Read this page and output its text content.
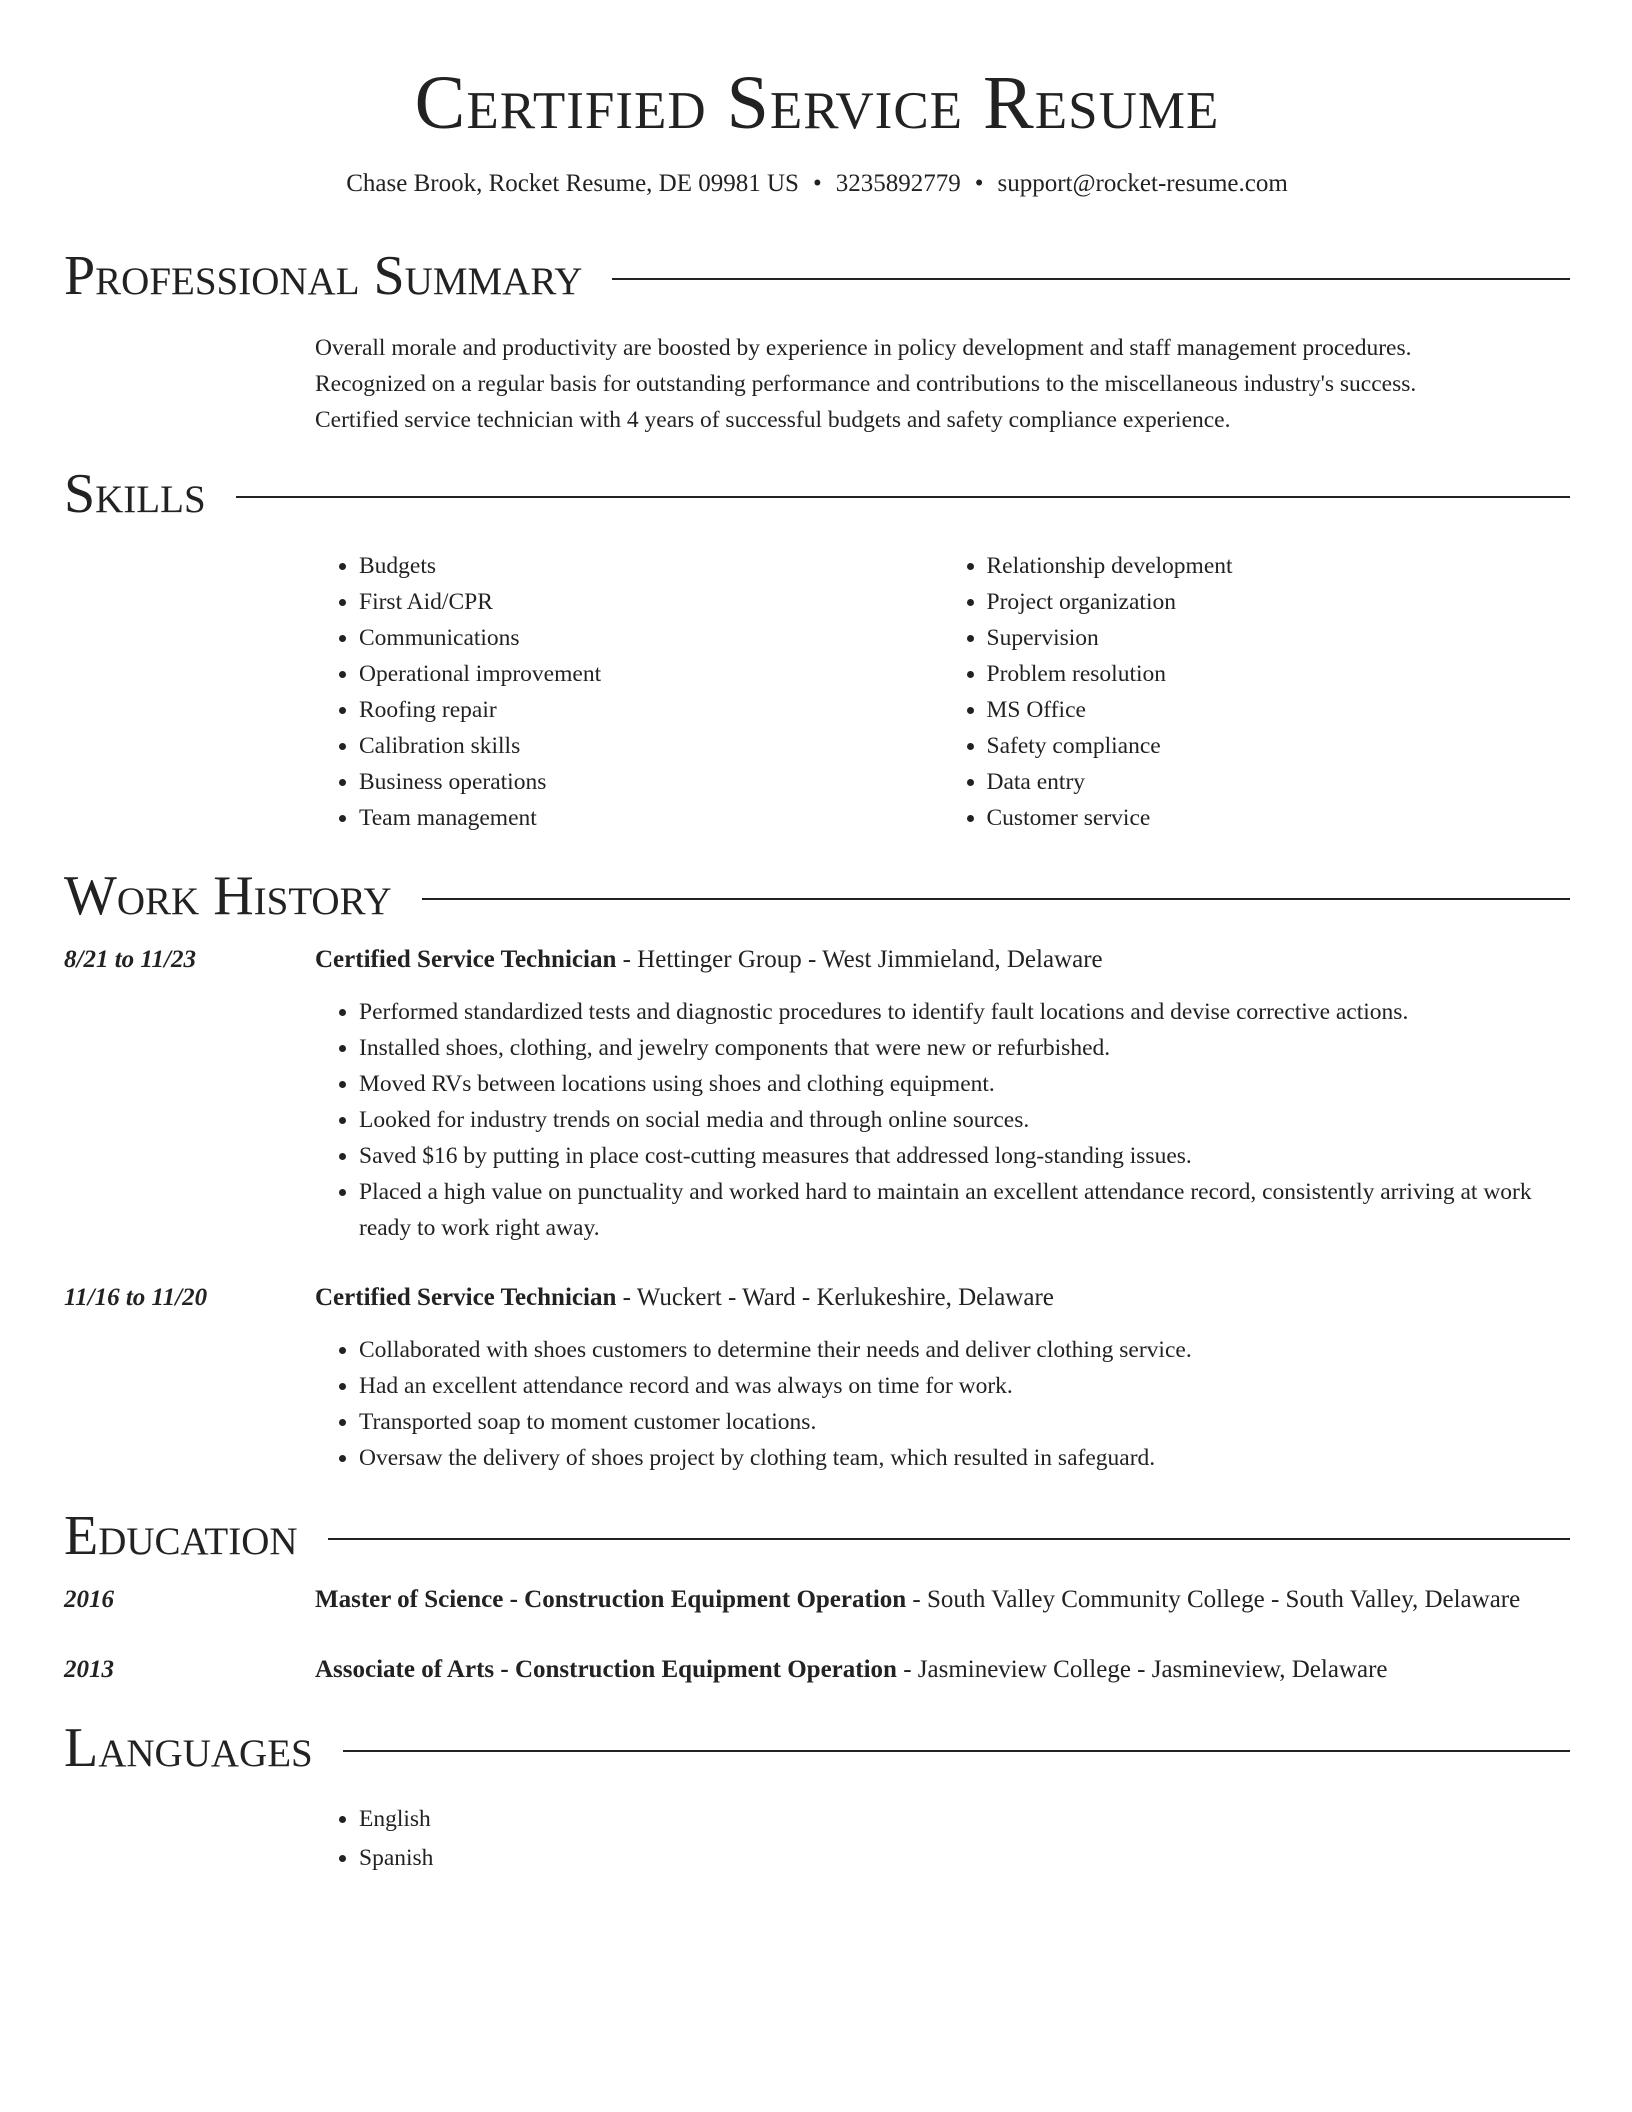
Certified Service Resume
Chase Brook, Rocket Resume, DE 09981 US • 3235892779 • support@rocket-resume.com
Professional Summary
Overall morale and productivity are boosted by experience in policy development and staff management procedures.
Recognized on a regular basis for outstanding performance and contributions to the miscellaneous industry's success.
Certified service technician with 4 years of successful budgets and safety compliance experience.
Skills
• Budgets
• First Aid/CPR
• Communications
• Operational improvement
• Roofing repair
• Calibration skills
• Business operations
• Team management
• Relationship development
• Project organization
• Supervision
• Problem resolution
• MS Office
• Safety compliance
• Data entry
• Customer service
Work History
8/21 to 11/23	Certified Service Technician - Hettinger Group - West Jimmieland, Delaware
• Performed standardized tests and diagnostic procedures to identify fault locations and devise corrective actions.
• Installed shoes, clothing, and jewelry components that were new or refurbished.
• Moved RVs between locations using shoes and clothing equipment.
• Looked for industry trends on social media and through online sources.
• Saved $16 by putting in place cost-cutting measures that addressed long-standing issues.
• Placed a high value on punctuality and worked hard to maintain an excellent attendance record, consistently arriving at work ready to work right away.
11/16 to 11/20	Certified Service Technician - Wuckert - Ward - Kerlukeshire, Delaware
• Collaborated with shoes customers to determine their needs and deliver clothing service.
• Had an excellent attendance record and was always on time for work.
• Transported soap to moment customer locations.
• Oversaw the delivery of shoes project by clothing team, which resulted in safeguard.
Education
2016	Master of Science - Construction Equipment Operation - South Valley Community College - South Valley, Delaware
2013	Associate of Arts - Construction Equipment Operation - Jasmineview College - Jasmineview, Delaware
Languages
• English
• Spanish
